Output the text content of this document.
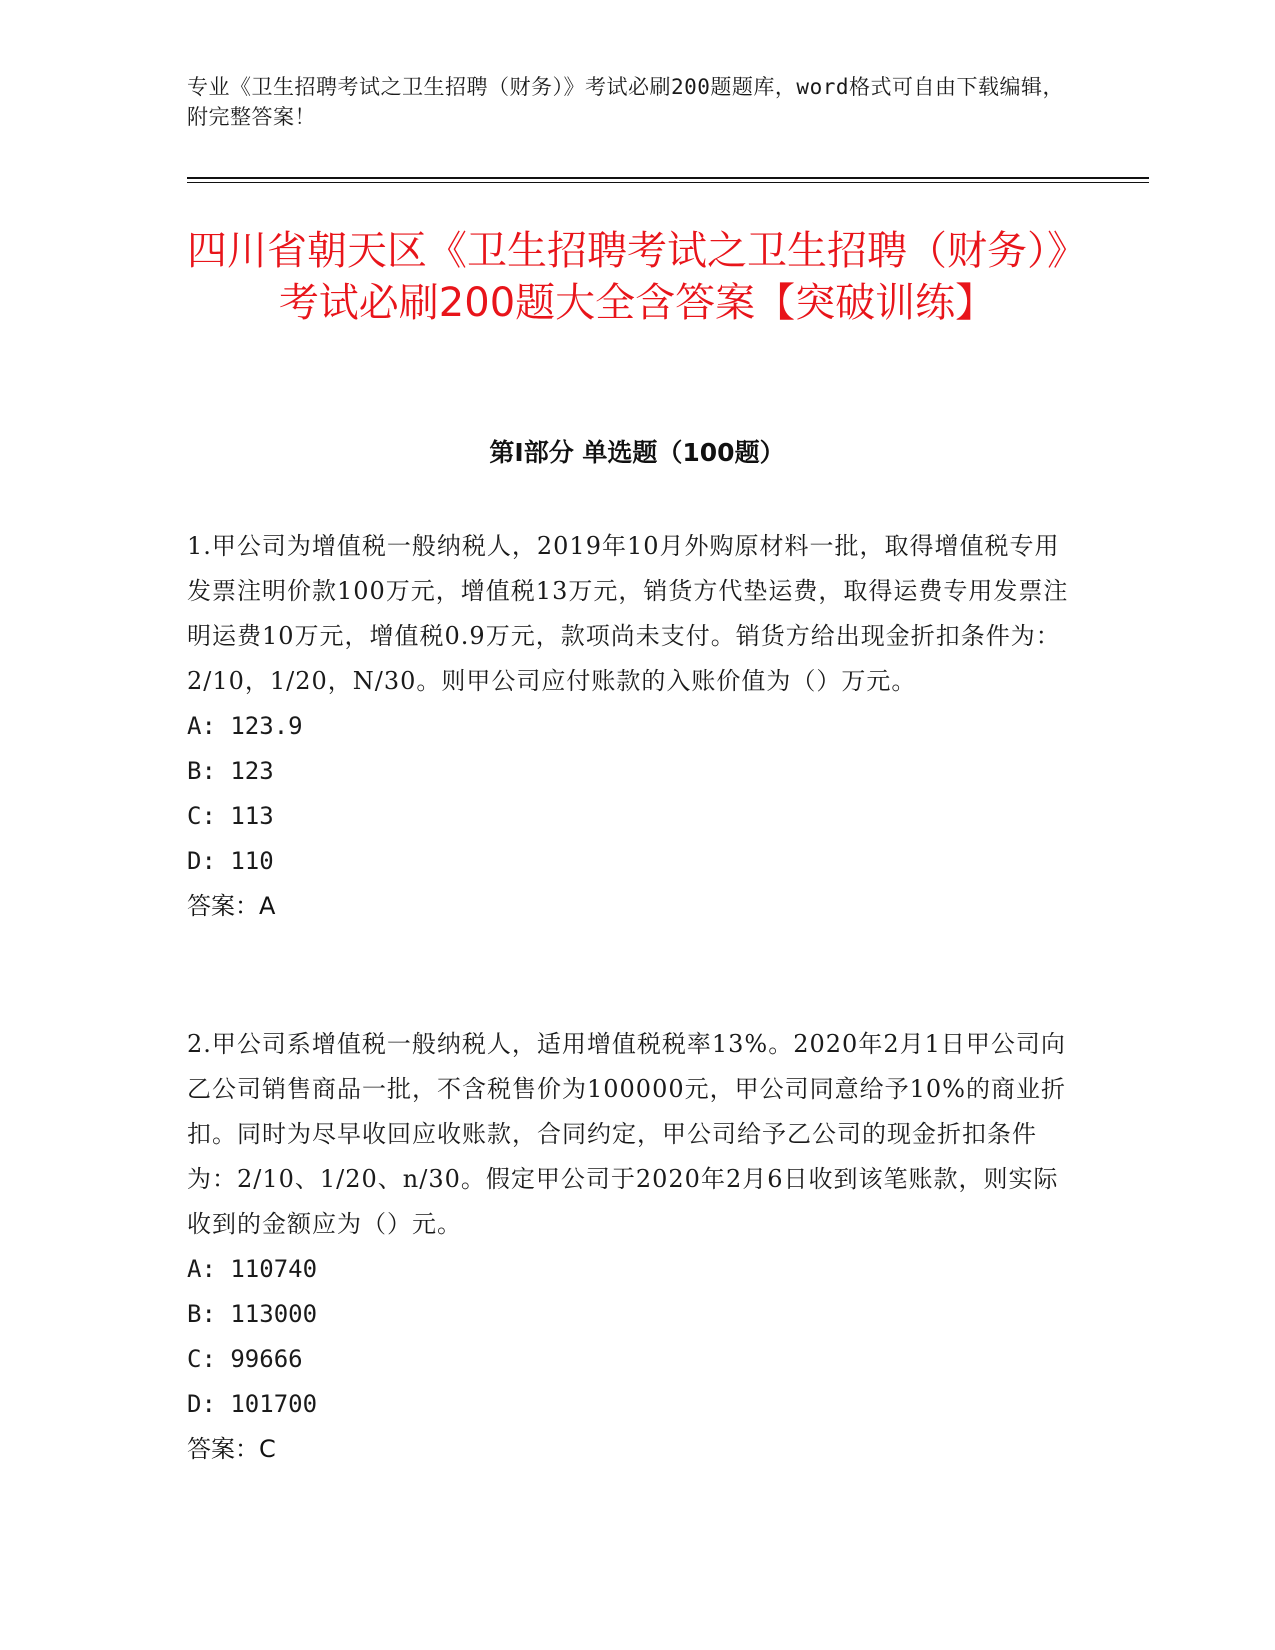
专业《卫生招聘考试之卫生招聘（财务）》考试必刷200题题库，word格式可自由下载编辑，附完整答案！
四川省朝天区《卫生招聘考试之卫生招聘（财务）》考试必刷200题大全含答案【突破训练】
第I部分 单选题（100题）

1.甲公司为增值税一般纳税人，2019年10月外购原材料一批，取得增值税专用发票注明价款100万元，增值税13万元，销货方代垫运费，取得运费专用发票注明运费10万元，增值税0.9万元，款项尚未支付。销货方给出现金折扣条件为：2/10，1/20，N/30。则甲公司应付账款的入账价值为（）万元。

A: 123.9
B: 123
C: 113
D: 110
答案：A

2.甲公司系增值税一般纳税人，适用增值税税率13%。2020年2月1日甲公司向乙公司销售商品一批，不含税售价为100000元，甲公司同意给予10%的商业折扣。同时为尽早收回应收账款，合同约定，甲公司给予乙公司的现金折扣条件为：2/10、1/20、n/30。假定甲公司于2020年2月6日收到该笔账款，则实际收到的金额应为（）元。

A: 110740
B: 113000
C: 99666
D: 101700
答案：C
